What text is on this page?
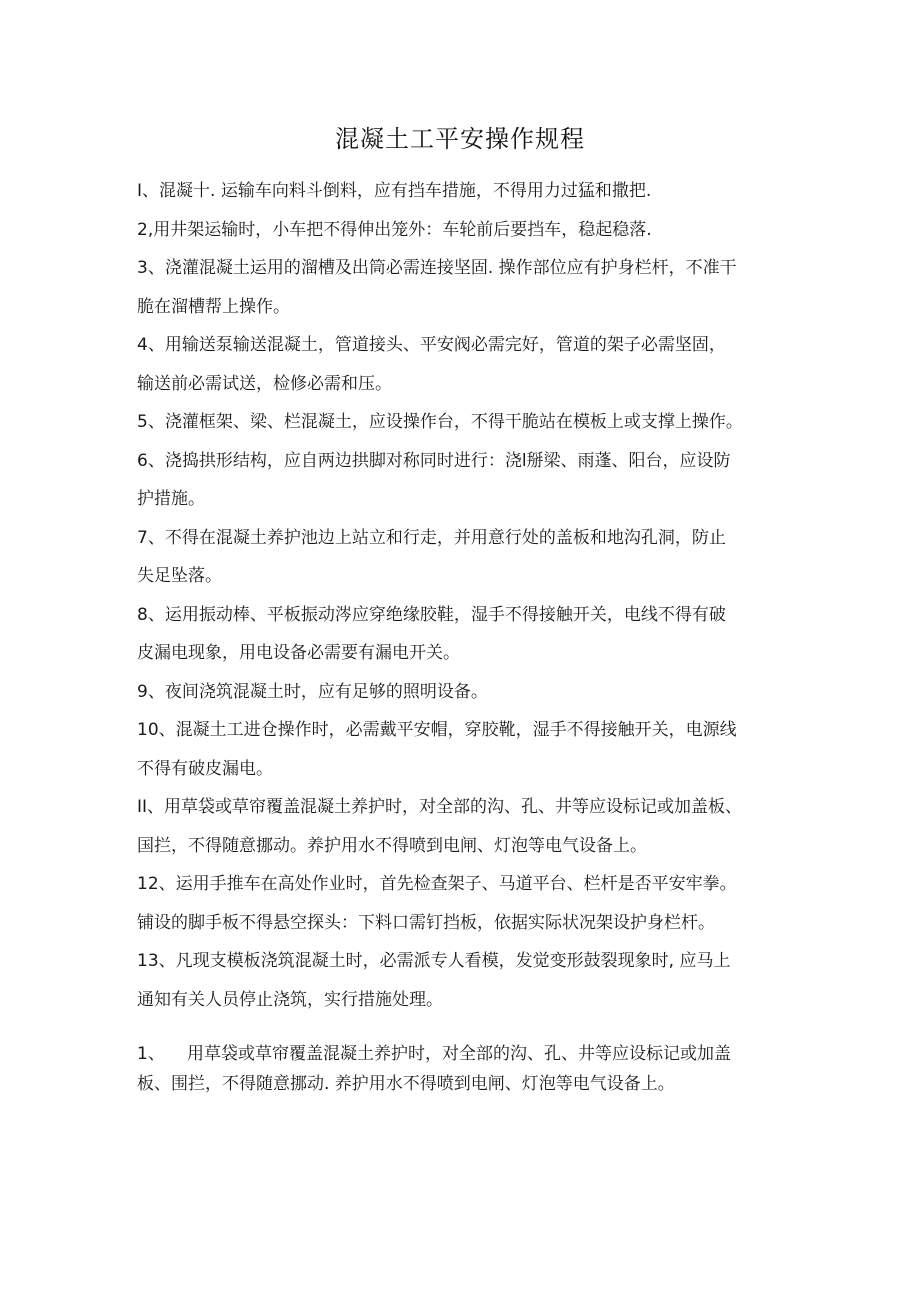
混凝土工平安操作规程

I、混凝十. 运输车向料斗倒料，应有挡车措施，不得用力过猛和撒把.

2,用井架运输时，小车把不得伸出笼外：车轮前后要挡车，稳起稳落.

3、浇灌混凝土运用的溜槽及出筒必需连接坚固. 操作部位应有护身栏杆，不准干
脆在溜槽帮上操作。

4、用输送泵输送混凝土，管道接头、平安阀必需完好，管道的架子必需坚固，
输送前必需试送，检修必需和压。

5、浇灌框架、梁、栏混凝土，应设操作台，不得干脆站在模板上或支撑上操作。

6、浇捣拱形结构，应自两边拱脚对称同时进行：浇l掰梁、雨蓬、阳台，应设防
护措施。

7、不得在混凝土养护池边上站立和行走，并用意行处的盖板和地沟孔洞，防止
失足坠落。

8、运用振动棒、平板振动涔应穿绝缘胶鞋，湿手不得接触开关，电线不得有破
皮漏电现象，用电设备必需要有漏电开关。

9、夜间浇筑混凝土时，应有足够的照明设备。

10、混凝土工进仓操作时，必需戴平安帽，穿胶靴，湿手不得接触开关，电源线
不得有破皮漏电。

II、用草袋或草帘覆盖混凝土养护时，对全部的沟、孔、井等应设标记或加盖板、
国拦，不得随意挪动。养护用水不得喷到电闸、灯泡等电气设备上。

12、运用手推车在高处作业时，首先检查架子、马道平台、栏杆是否平安牢拳。
铺设的脚手板不得悬空探头：下料口需钉挡板，依据实际状况架设护身栏杆。

13、凡现支模板浇筑混凝土时，必需派专人看模，发觉变形鼓裂现象时, 应马上
通知有关人员停止浇筑，实行措施处理。

1、 用草袋或草帘覆盖混凝土养护时，对全部的沟、孔、井等应设标记或加盖

板、围拦，不得随意挪动. 养护用水不得喷到电闸、灯泡等电气设备上。
